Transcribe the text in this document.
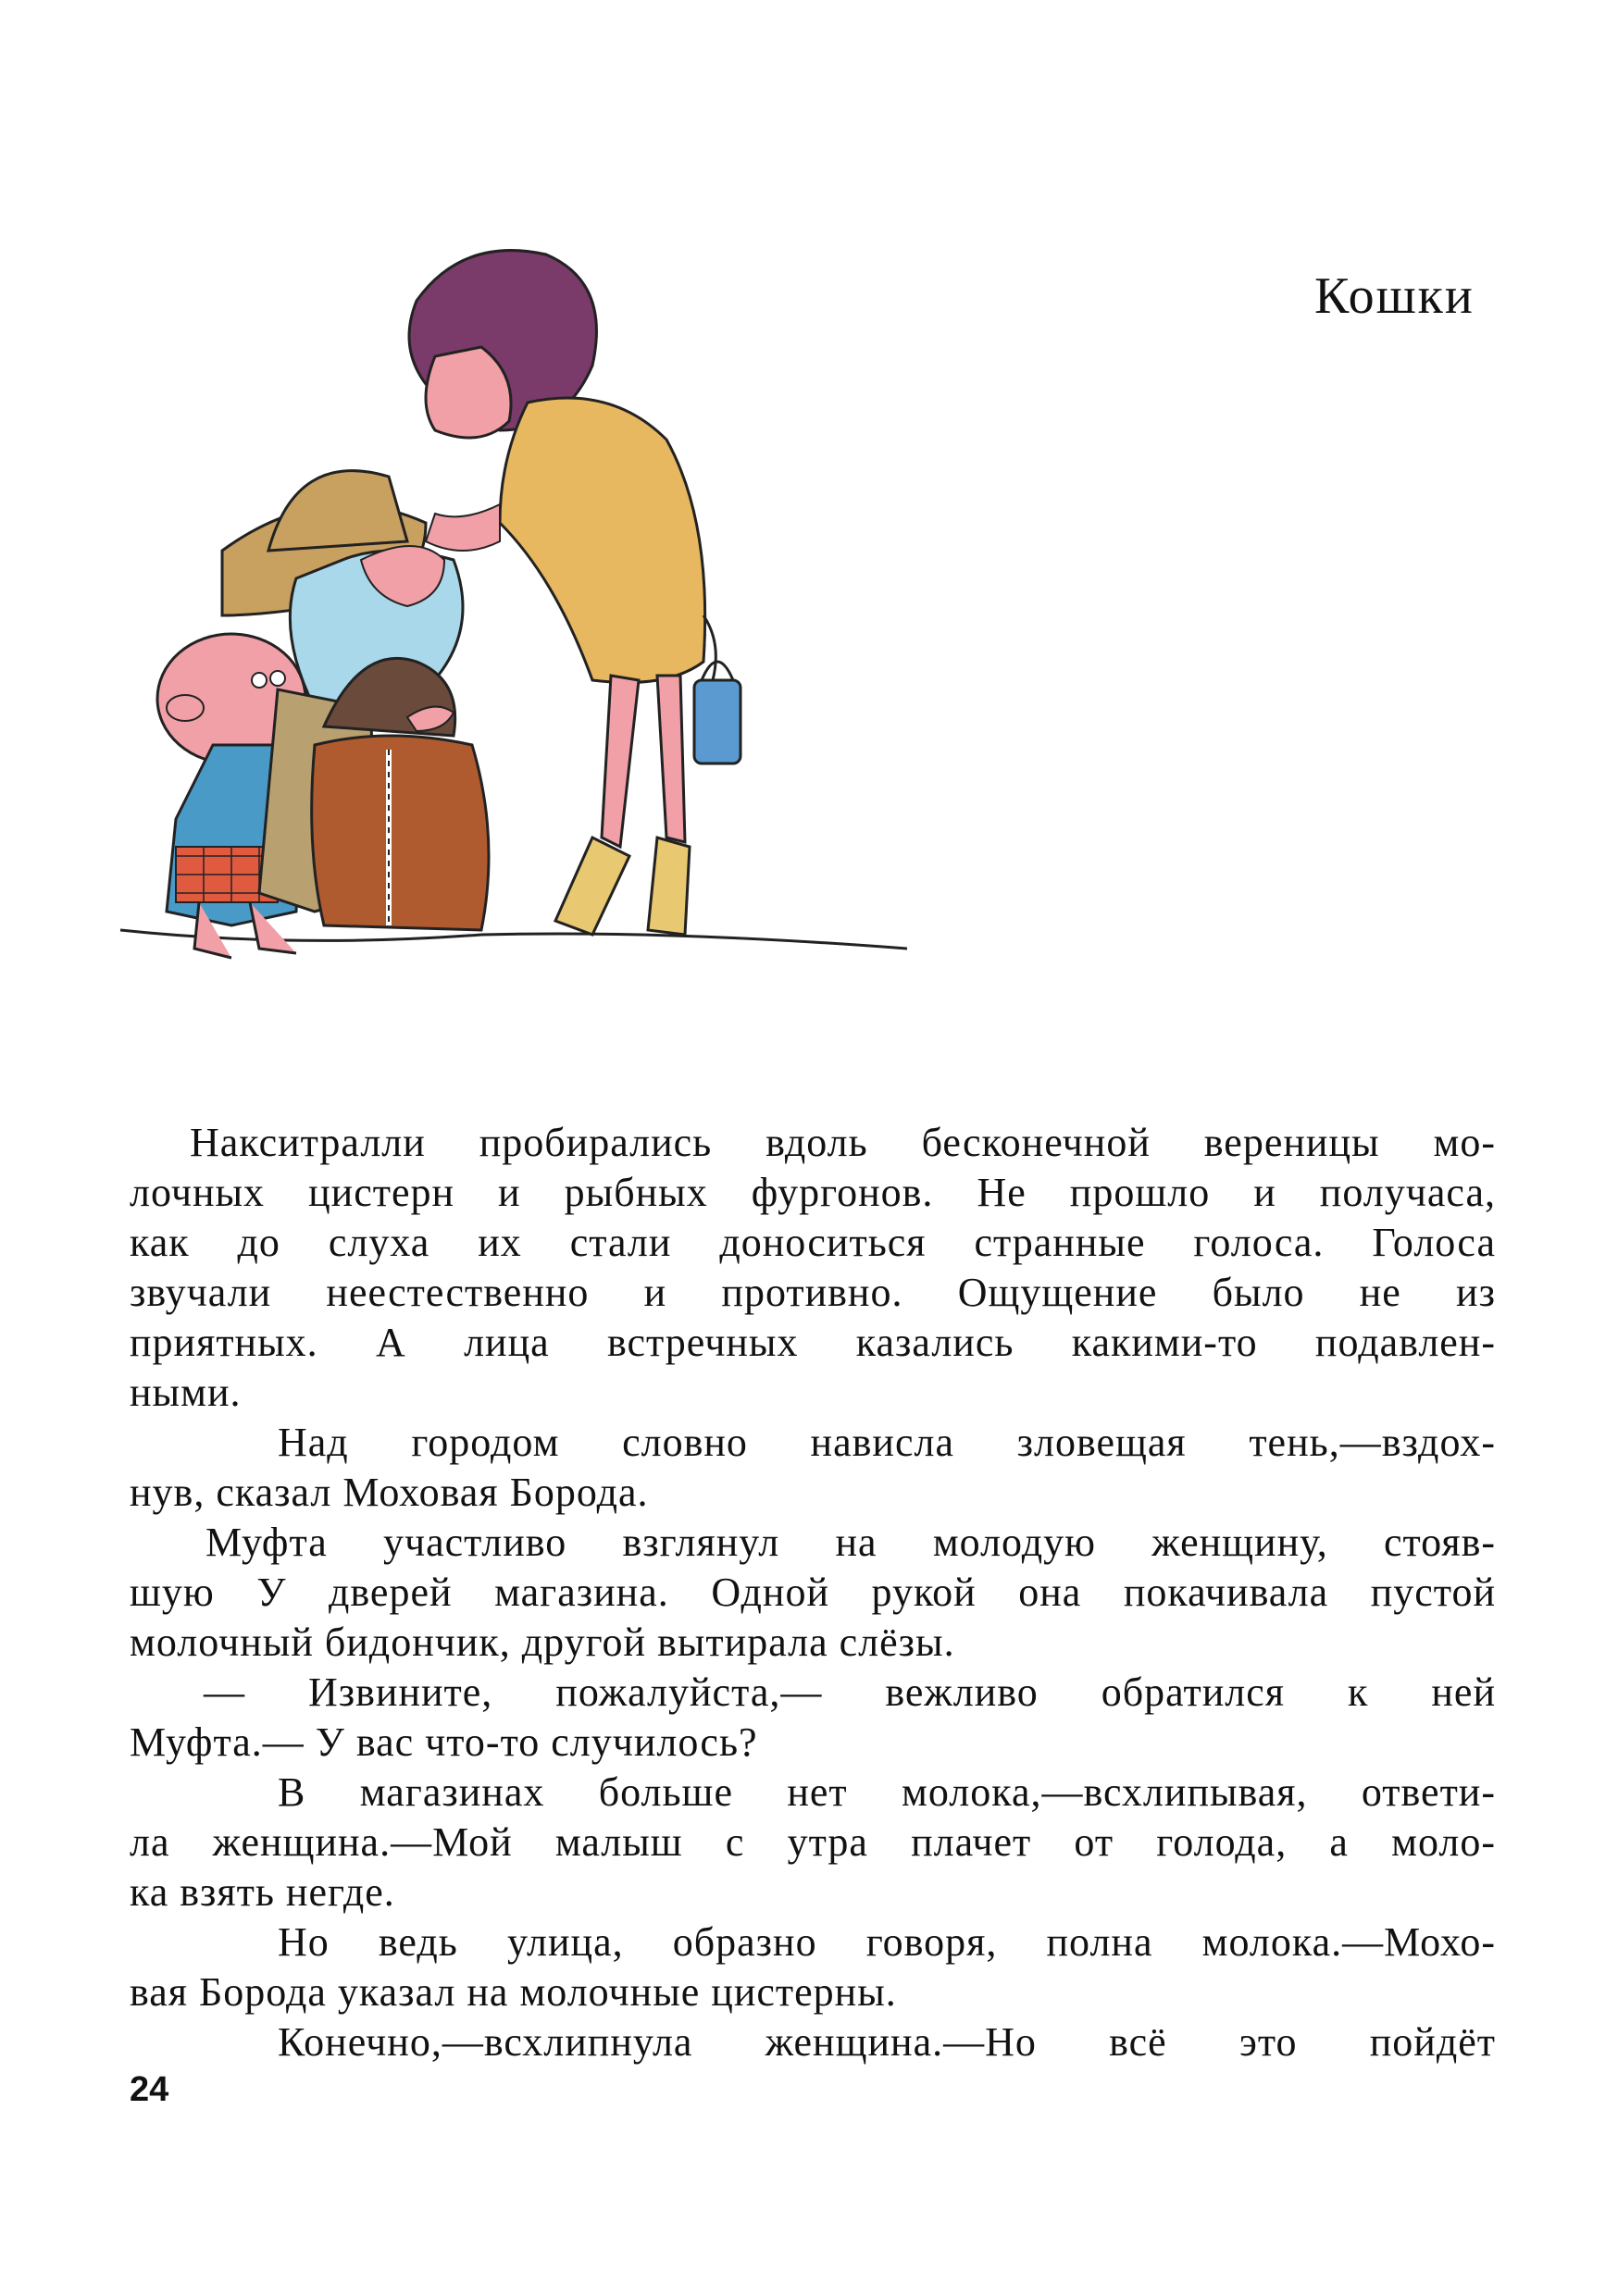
Кошки
Накситралли пробирались вдоль бесконечной вереницы мо-
лочных цистерн и рыбных фургонов. Не прошло и получаса,
как до слуха их стали доноситься странные голоса. Голоса
звучали неестественно и противно. Ощущение было не из
приятных. А лица встречных казались какими-то подавлен-
ными.
Над городом словно нависла зловещая тень,—вздох-
нув, сказал Моховая Борода.
Муфта участливо взглянул на молодую женщину, стояв-
шую У дверей магазина. Одной рукой она покачивала пустой
молочный бидончик, другой вытирала слёзы.
— Извините, пожалуйста,— вежливо обратился к ней
Муфта.— У вас что-то случилось?
В магазинах больше нет молока,—всхлипывая, ответи-
ла женщина.—Мой малыш с утра плачет от голода, а моло-
ка взять негде.
Но ведь улица, образно говоря, полна молока.—Мохо-
вая Борода указал на молочные цистерны.
Конечно,—всхлипнула женщина.—Но всё это пойдёт
24
